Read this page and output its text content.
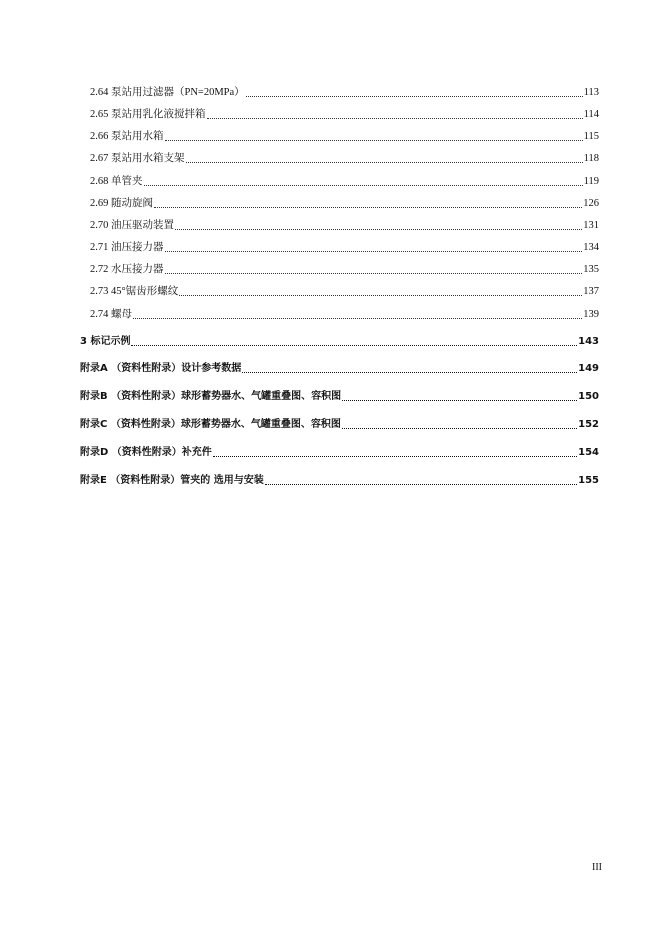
2.64 泵站用过滤器（PN=20MPa）	113
2.65 泵站用乳化液搅拌箱	114
2.66 泵站用水箱	115
2.67 泵站用水箱支架	118
2.68 单管夹	119
2.69 随动旋阀	126
2.70 油压驱动装置	131
2.71 油压接力器	134
2.72 水压接力器	135
2.73 45°锯齿形螺纹	137
2.74 螺母	139
3 标记示例	143
附录A （资料性附录）设计参考数据	149
附录B （资料性附录）球形蓄势器水、气罐重叠图、容积图	150
附录C （资料性附录）球形蓄势器水、气罐重叠图、容积图	152
附录D （资料性附录）补充件	154
附录E （资料性附录）管夹的 选用与安装	155
III
